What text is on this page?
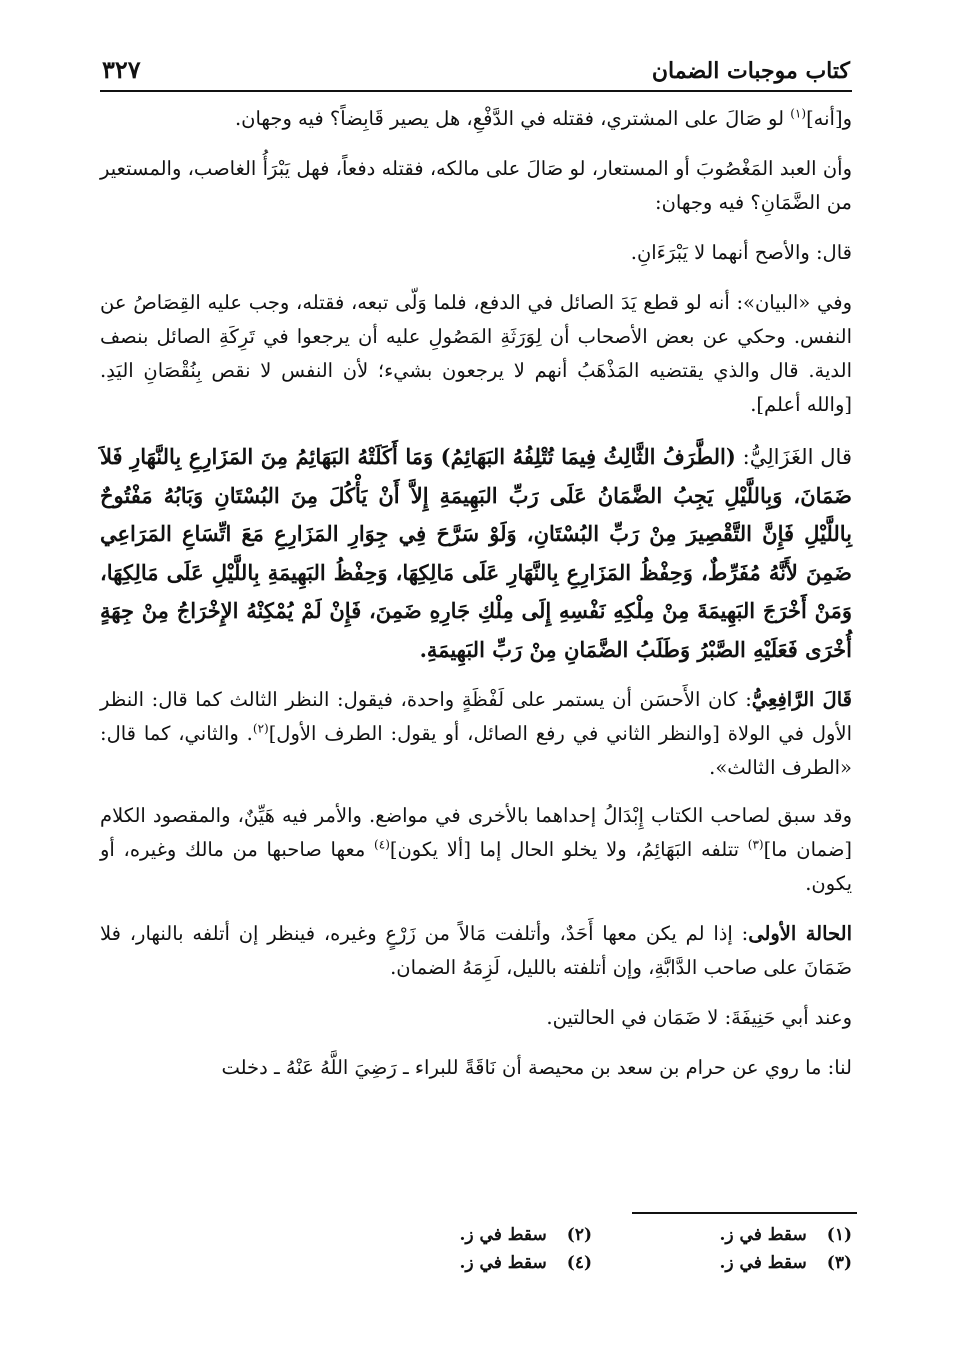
كتاب موجبات الضمان
٣٢٧

و[أنه]$^{(١)}$ لو صَالَ على المشتري، فقتله في الدَّفْعِ، هل يصير قَابِضاً؟ فيه وجهان.

وأن العبد المَغْصُوبَ أو المستعار، لو صَالَ على مالكه، فقتله دفعاً، فهل يَبْرَأُ الغاصب، والمستعير من الضَّمَانِ؟ فيه وجهان:

قال: والأصح أنهما لا يَبْرَءَانِ.

وفي «البيان»: أنه لو قطع يَدَ الصائل في الدفع، فلما وَلّى تبعه، فقتله، وجب عليه القِصَاصُ عن النفس. وحكي عن بعض الأصحاب أن لِوَرَثَةِ المَصُولِ عليه أن يرجعوا في تَرِكَةِ الصائل بنصف الدية. قال والذي يقتضيه المَذْهَبُ أنهم لا يرجعون بشيء؛ لأن النفس لا نقص بِنُقْصَانِ اليَدِ. [والله أعلم].

قال الغَزَالِيُّ: (الطَّرَفُ الثَّالِثُ فِيمَا تُتْلِفُهُ البَهَائِمُ) وَمَا أَكَلَتْهُ البَهَائِمُ مِنَ المَزَارِعِ بِالنَّهَارِ فَلاَ ضَمَانَ، وَبِاللَّيْلِ يَجِبُ الضَّمَانُ عَلَى رَبِّ البَهِيمَةِ إِلاَّ أَنْ يَأْكُلَ مِنَ البُسْتَانِ وَبَابُهُ مَفْتُوحٌ بِاللَّيْلِ فَإِنَّ التَّقْصِيرَ مِنْ رَبِّ البُسْتَانِ، وَلَوْ سَرَّحَ فِي جِوَارِ المَزَارِعِ مَعَ اتِّسَاعِ المَرَاعِي ضَمِنَ لأَنَّهُ مُفَرِّطٌ، وَحِفْظُ المَزَارِعِ بِالنَّهَارِ عَلَى مَالِكِهَا، وَحِفْظُ البَهِيمَةِ بِاللَّيْلِ عَلَى مَالِكِهَا، وَمَنْ أَخْرَجَ البَهِيمَةَ مِنْ مِلْكِهِ نَفْسِهِ إِلَى مِلْكِ جَارِهِ ضَمِنَ، فَإِنْ لَمْ يُمْكِنْهُ الإِخْرَاجُ مِنْ جِهَةٍ أُخْرَى فَعَلَيْهِ الصَّبْرُ وَطَلَبُ الضَّمَانِ مِنْ رَبِّ البَهِيمَةِ.

قَالَ الرَّافِعِيُّ: كان الأَحسَن أن يستمر على لَفْظَةٍ واحدة، فيقول: النظر الثالث كما قال: النظر الأول في الولاة [والنظر الثاني في رفع الصائل، أو يقول: الطرف الأول]$^{(٢)}$. والثاني، كما قال: «الطرف الثالث».

وقد سبق لصاحب الكتاب إِبْدَالُ إحداهما بالأخرى في مواضع. والأمر فيه هَيِّنٌ، والمقصود الكلام [ضمان ما]$^{(٣)}$ تتلفه البَهَائِمُ، ولا يخلو الحال إما [ألا يكون]$^{(٤)}$ معها صاحبها من مالك وغيره، أو يكون.

الحالة الأولى: إذا لم يكن معها أَحَدٌ، وأتلفت مَالاً من زَرْعٍ وغيره، فينظر إن أتلفه بالنهار، فلا ضَمَانَ على صاحب الدَّابَّةِ، وإن أتلفته بالليل، لَزِمَهُ الضمان.

وعند أبي حَنِيفَةَ: لا ضَمَان في الحالتين.

لنا: ما روي عن حرام بن سعد بن محيصة أن نَاقَةً للبراء ـ رَضِيَ اللَّهُ عَنْهُ ـ دخلت

(١)سقط في ز.
(٢)سقط في ز.
(٣)سقط في ز.
(٤)سقط في ز.
